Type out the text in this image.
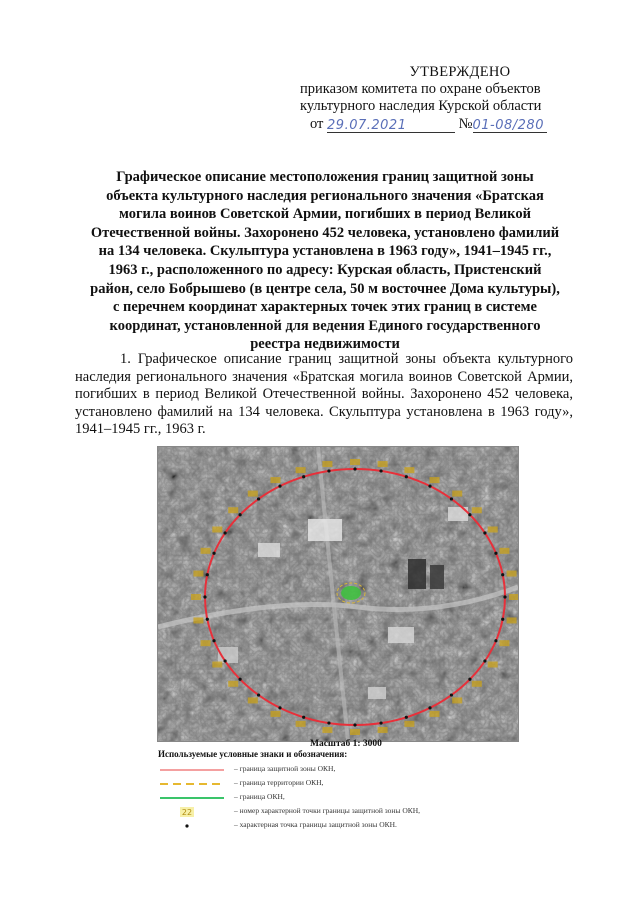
УТВЕРЖДЕНО
приказом комитета по охране объектов
культурного наследия Курской области
от 29.07.2021	№01-08/280
Графическое описание местоположения границ защитной зоны объекта культурного наследия регионального значения «Братская могила воинов Советской Армии, погибших в период Великой Отечественной войны. Захоронено 452 человека, установлено фамилий на 134 человека. Скульптура установлена в 1963 году», 1941–1945 гг., 1963 г., расположенного по адресу: Курская область, Пристенский район, село Бобрышево (в центре села, 50 м восточнее Дома культуры), с перечнем координат характерных точек этих границ в системе координат, установленной для ведения Единого государственного реестра недвижимости
1. Графическое описание границ защитной зоны объекта культурного наследия регионального значения «Братская могила воинов Советской Армии, погибших в период Великой Отечественной войны. Захоронено 452 человека, установлено фамилий на 134 человека. Скульптура установлена в 1963 году», 1941–1945 гг., 1963 г.
Масштаб 1: 3000
Используемые условные знаки и обозначения:
– граница защитной зоны ОКН,
– граница территории ОКН,
– граница ОКН,
22	– номер характерной точки границы защитной зоны ОКН,
– характерная точка границы защитной зоны ОКН.
